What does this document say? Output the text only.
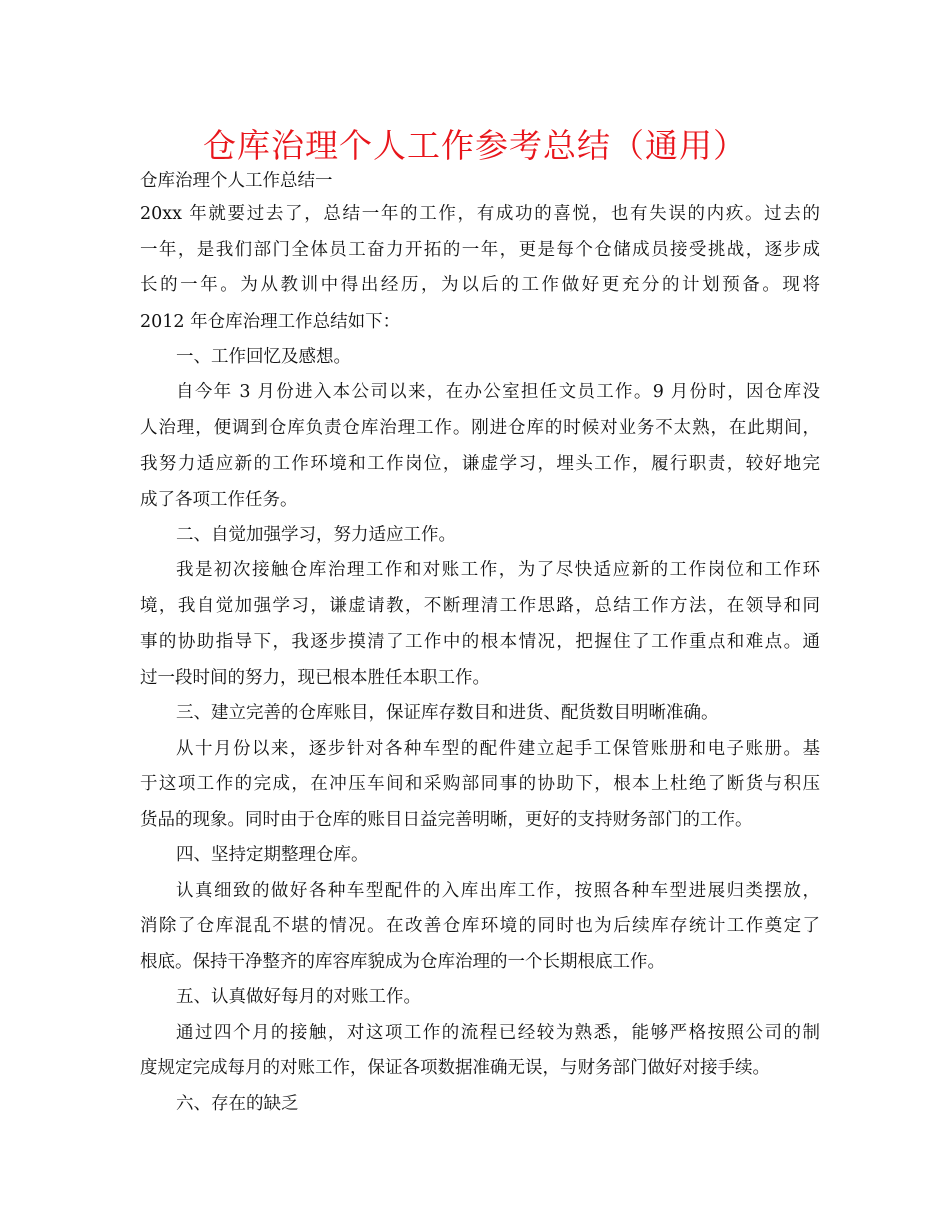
仓库治理个人工作参考总结（通用）
仓库治理个人工作总结一
20xx 年就要过去了，总结一年的工作，有成功的喜悦，也有失误的内疚。过去的
一年，是我们部门全体员工奋力开拓的一年，更是每个仓储成员接受挑战，逐步成
长的一年。为从教训中得出经历，为以后的工作做好更充分的计划预备。现将
2012 年仓库治理工作总结如下：
一、工作回忆及感想。
自今年 3 月份进入本公司以来，在办公室担任文员工作。9 月份时，因仓库没
人治理，便调到仓库负责仓库治理工作。刚进仓库的时候对业务不太熟，在此期间，
我努力适应新的工作环境和工作岗位，谦虚学习，埋头工作，履行职责，较好地完
成了各项工作任务。
二、自觉加强学习，努力适应工作。
我是初次接触仓库治理工作和对账工作，为了尽快适应新的工作岗位和工作环
境，我自觉加强学习，谦虚请教，不断理清工作思路，总结工作方法，在领导和同
事的协助指导下，我逐步摸清了工作中的根本情况，把握住了工作重点和难点。通
过一段时间的努力，现已根本胜任本职工作。
三、建立完善的仓库账目，保证库存数目和进货、配货数目明晰准确。
从十月份以来，逐步针对各种车型的配件建立起手工保管账册和电子账册。基
于这项工作的完成，在冲压车间和采购部同事的协助下，根本上杜绝了断货与积压
货品的现象。同时由于仓库的账目日益完善明晰，更好的支持财务部门的工作。
四、坚持定期整理仓库。
认真细致的做好各种车型配件的入库出库工作，按照各种车型进展归类摆放，
消除了仓库混乱不堪的情况。在改善仓库环境的同时也为后续库存统计工作奠定了
根底。保持干净整齐的库容库貌成为仓库治理的一个长期根底工作。
五、认真做好每月的对账工作。
通过四个月的接触，对这项工作的流程已经较为熟悉，能够严格按照公司的制
度规定完成每月的对账工作，保证各项数据准确无误，与财务部门做好对接手续。
六、存在的缺乏
